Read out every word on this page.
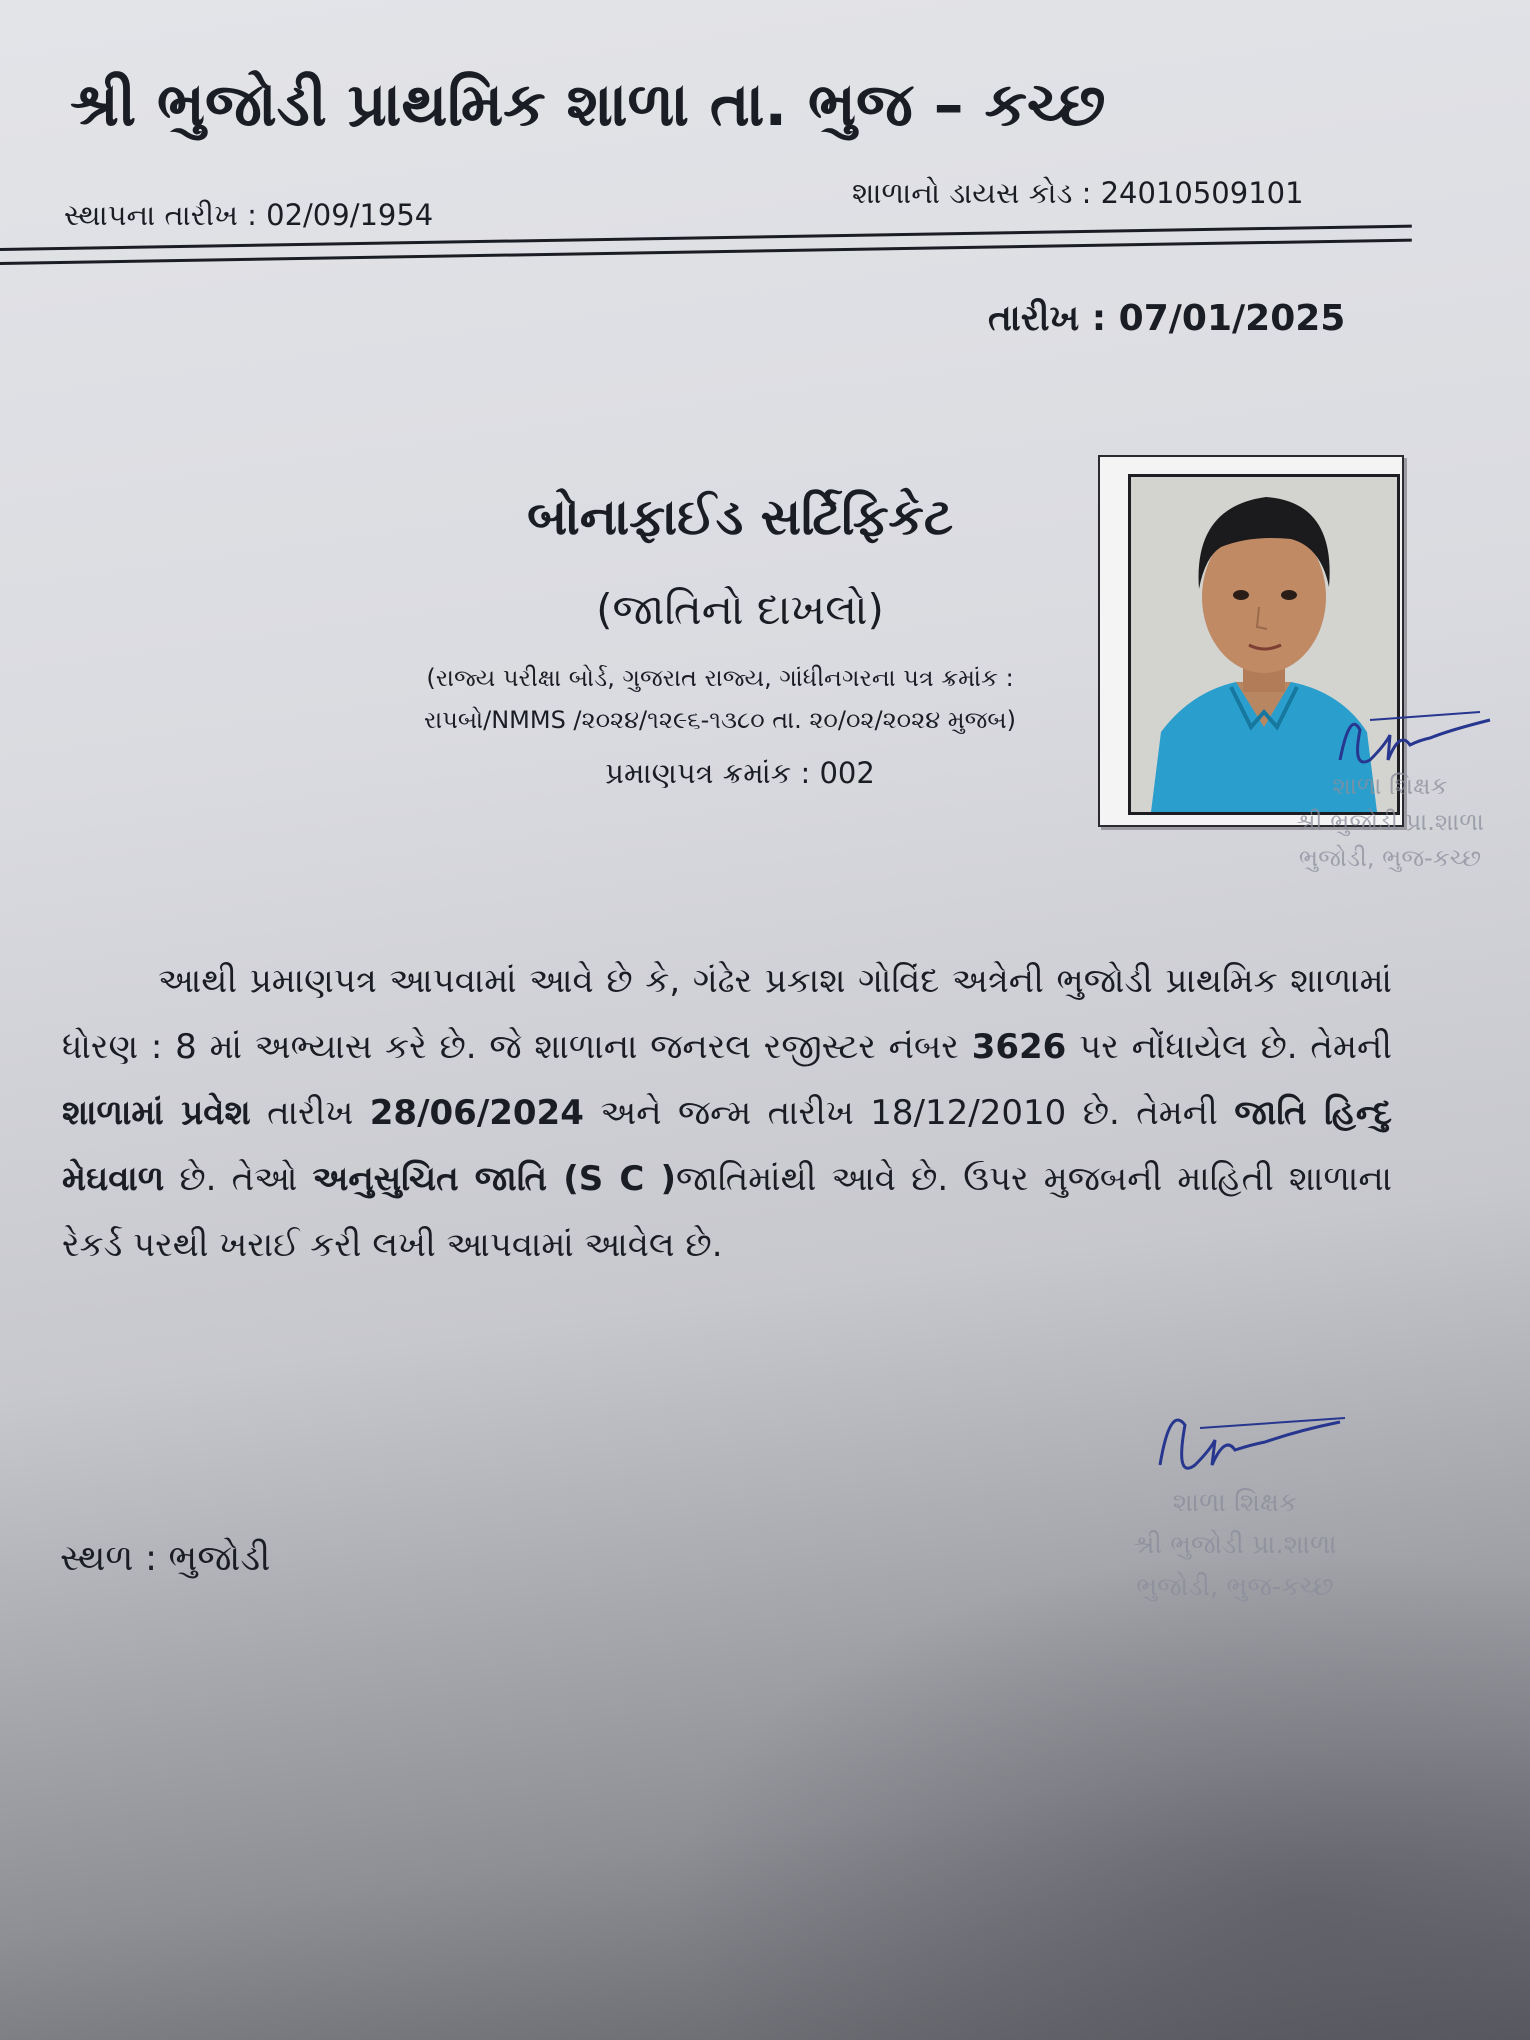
શ્રી ભુજોડી પ્રાથમિક શાળા તા. ભુજ – કચ્છ
સ્થાપના તારીખ : 02/09/1954
શાળાનો ડાયસ કોડ : 24010509101
તારીખ : 07/01/2025
બોનાફાઈડ સર્ટિફિકેટ
(જાતિનો દાખલો)
(રાજ્ય પરીક્ષા બોર્ડ, ગુજરાત રાજ્ય, ગાંધીનગરના પત્ર ક્રમાંક :
રાપબો/NMMS /૨૦૨૪/૧૨૯૬-૧૩૮૦ તા. ૨૦/૦૨/૨૦૨૪ મુજબ)
પ્રમાણપત્ર ક્રમાંક : 002	શાળા શિક્ષક
શ્રી ભુજોડી પ્રા.શાળા
ભુજોડી, ભુજ-કચ્છ
આથી પ્રમાણપત્ર આપવામાં આવે છે કે, ગંઢેર પ્રકાશ ગોવિંદ અત્રેની ભુજોડી પ્રાથમિક શાળામાં ધોરણ : 8 માં અભ્યાસ કરે છે. જે શાળાના જનરલ રજીસ્ટર નંબર 3626 પર નોંધાયેલ છે. તેમની શાળામાં પ્રવેશ તારીખ 28/06/2024 અને જન્મ તારીખ 18/12/2010 છે. તેમની જાતિ હિન્દુ મેઘવાળ છે. તેઓ અનુસુચિત જાતિ (S C )જાતિમાંથી આવે છે. ઉપર મુજબની માહિતી શાળાના રેકર્ડ પરથી ખરાઈ કરી લખી આપવામાં આવેલ છે.
શાળા શિક્ષક
શ્રી ભુજોડી પ્રા.શાળા
ભુજોડી, ભુજ-કચ્છ
સ્થળ : ભુજોડી
